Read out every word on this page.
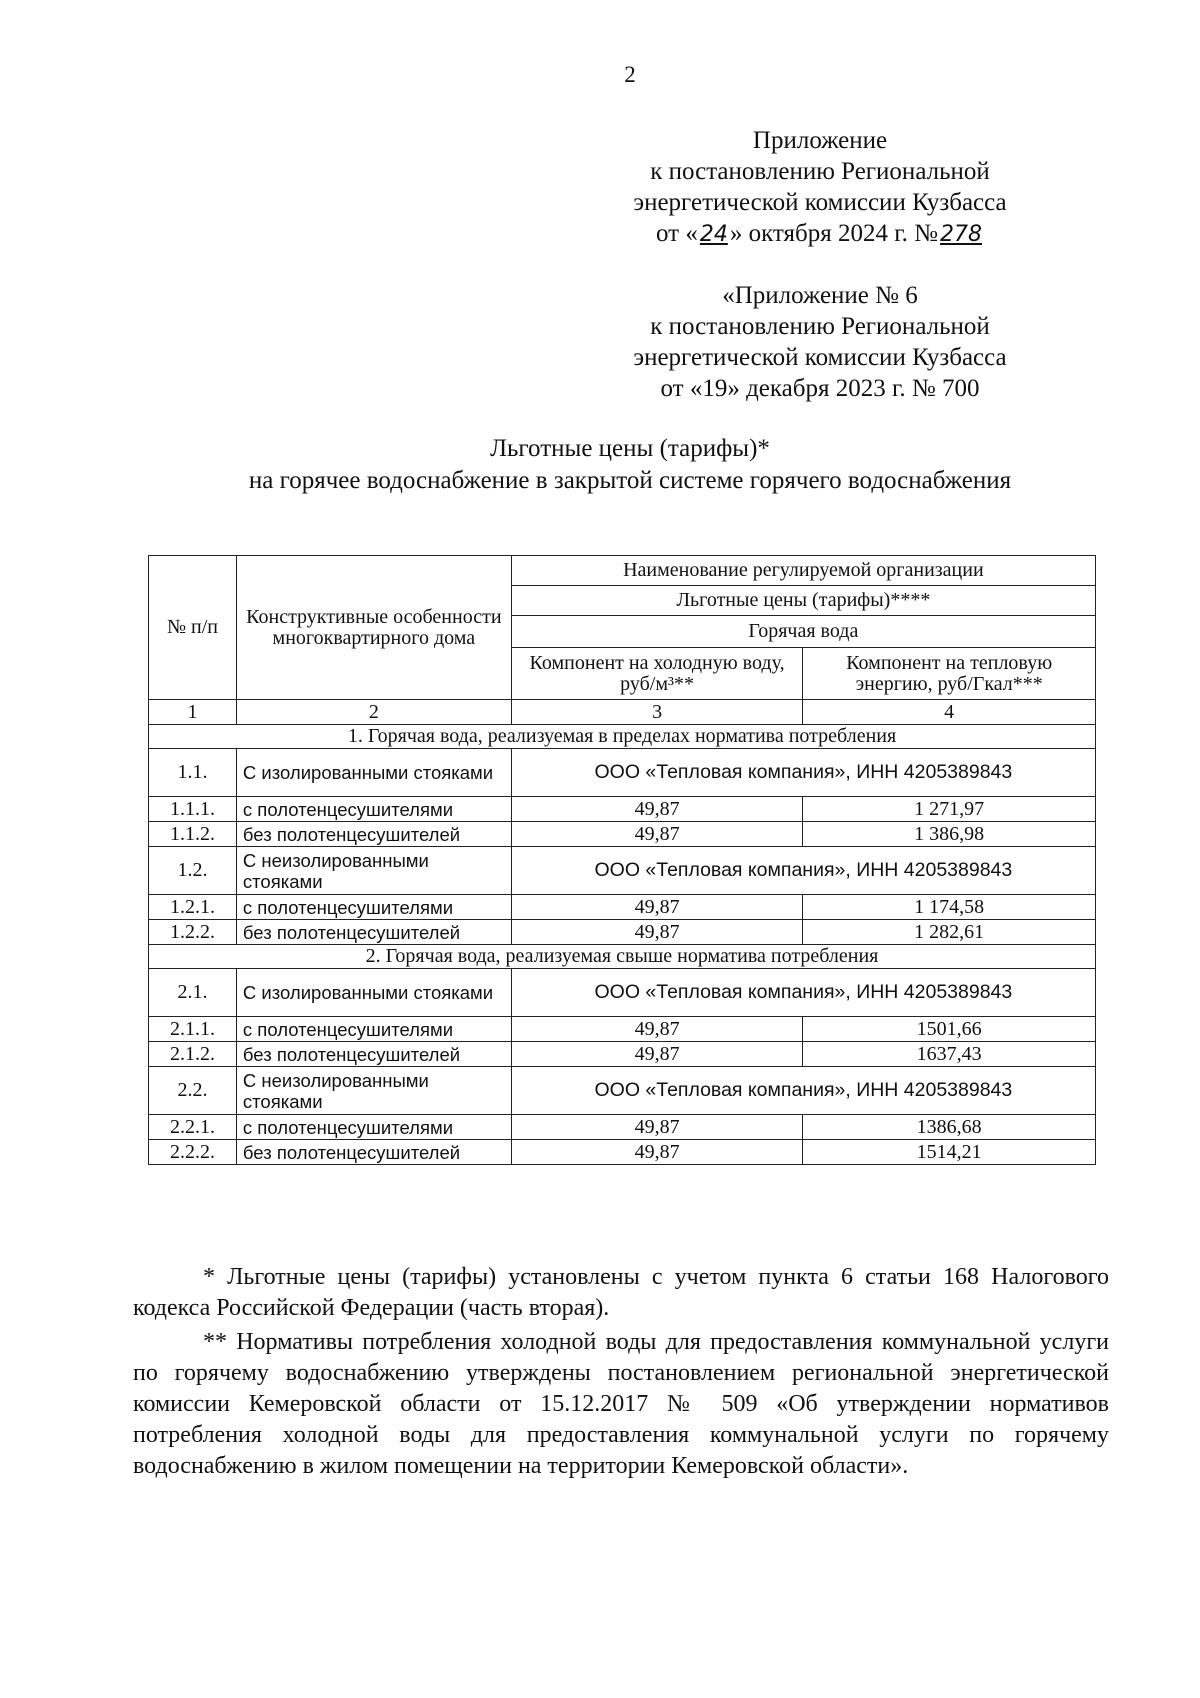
2
Приложение
к постановлению Региональной
энергетической комиссии Кузбасса
от «24» октября 2024 г. №278
«Приложение № 6
к постановлению Региональной
энергетической комиссии Кузбасса
от «19» декабря 2023 г. № 700
Льготные цены (тарифы)*
на горячее водоснабжение в закрытой системе горячего водоснабжения
№ п/п	Конструктивные особенности многоквартирного дома	Наименование регулируемой организации	
		Льготные цены (тарифы)****	
		Горячая вода	
		Компонент на холодную воду, руб/м³**	Компонент на тепловую энергию, руб/Гкал***
1	2	3	4
1. Горячая вода, реализуемая в пределах норматива потребления			
1.1.	С изолированными стояками	ООО «Тепловая компания», ИНН 4205389843	
1.1.1.	с полотенцесушителями	49,87	1 271,97
1.1.2.	без полотенцесушителей	49,87	1 386,98
1.2.	С неизолированными стояками	ООО «Тепловая компания», ИНН 4205389843	
1.2.1.	с полотенцесушителями	49,87	1 174,58
1.2.2.	без полотенцесушителей	49,87	1 282,61
2. Горячая вода, реализуемая свыше норматива потребления			
2.1.	С изолированными стояками	ООО «Тепловая компания», ИНН 4205389843	
2.1.1.	с полотенцесушителями	49,87	1501,66
2.1.2.	без полотенцесушителей	49,87	1637,43
2.2.	С неизолированными стояками	ООО «Тепловая компания», ИНН 4205389843	
2.2.1.	с полотенцесушителями	49,87	1386,68
2.2.2.	без полотенцесушителей	49,87	1514,21

* Льготные цены (тарифы) установлены с учетом пункта 6 статьи 168 Налогового кодекса Российской Федерации (часть вторая).

** Нормативы потребления холодной воды для предоставления коммунальной услуги по горячему водоснабжению утверждены постановлением региональной энергетической комиссии Кемеровской области от 15.12.2017 № 509 «Об утверждении нормативов потребления холодной воды для предоставления коммунальной услуги по горячему водоснабжению в жилом помещении на территории Кемеровской области».
